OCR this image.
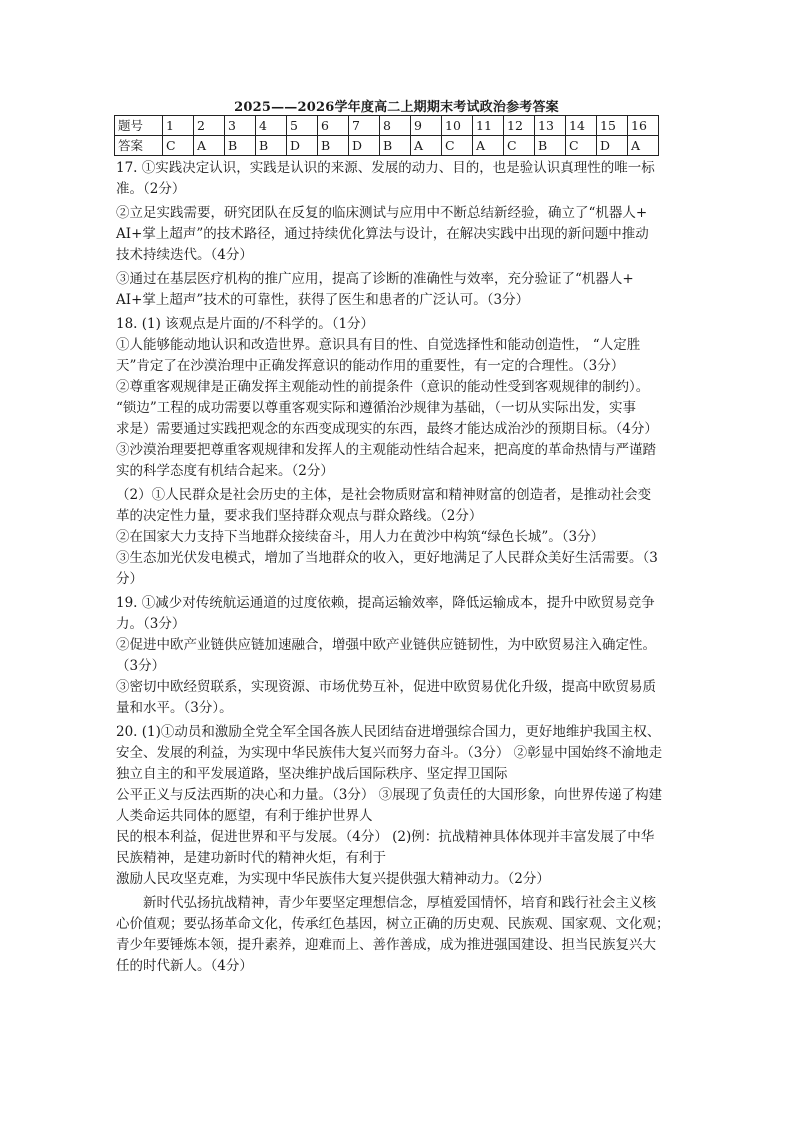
2025——2026学年度高二上期期末考试政治参考答案
题号	1	2	3	4	5	6	7	8	9	10	11	12	13	14	15	16
答案	C	A	B	B	D	B	D	B	A	C	A	C	B	C	D	A

17. ①实践决定认识，实践是认识的来源、发展的动力、目的，也是验认识真理性的唯一标

准。（2分）

②立足实践需要，研究团队在反复的临床测试与应用中不断总结新经验，确立了“机器人+

AI+掌上超声”的技术路径，通过持续优化算法与设计，在解决实践中出现的新问题中推动

技术持续迭代。（4分）

③通过在基层医疗机构的推广应用，提高了诊断的准确性与效率，充分验证了“机器人+

AI+掌上超声”技术的可靠性，获得了医生和患者的广泛认可。（3分）

18. (1) 该观点是片面的/不科学的。（1分）

①人能够能动地认识和改造世界。意识具有目的性、自觉选择性和能动创造性， “人定胜

天”肯定了在沙漠治理中正确发挥意识的能动作用的重要性，有一定的合理性。（3分）

②尊重客观规律是正确发挥主观能动性的前提条件（意识的能动性受到客观规律的制约）。

“锁边”工程的成功需要以尊重客观实际和遵循治沙规律为基础，（一切从实际出发，实事

求是）需要通过实践把观念的东西变成现实的东西，最终才能达成治沙的预期目标。（4分）

③沙漠治理要把尊重客观规律和发挥人的主观能动性结合起来，把高度的革命热情与严谨踏

实的科学态度有机结合起来。（2分）

（2）①人民群众是社会历史的主体，是社会物质财富和精神财富的创造者，是推动社会变

革的决定性力量，要求我们坚持群众观点与群众路线。（2分）

②在国家大力支持下当地群众接续奋斗，用人力在黄沙中构筑“绿色长城”。（3分）

③生态加光伏发电模式，增加了当地群众的收入，更好地满足了人民群众美好生活需要。（3

分）

19. ①减少对传统航运通道的过度依赖，提高运输效率，降低运输成本，提升中欧贸易竞争

力。（3分）

②促进中欧产业链供应链加速融合，增强中欧产业链供应链韧性，为中欧贸易注入确定性。

（3分）

③密切中欧经贸联系，实现资源、市场优势互补，促进中欧贸易优化升级，提高中欧贸易质

量和水平。（3分）。

20. (1)①动员和激励全党全军全国各族人民团结奋进增强综合国力，更好地维护我国主权、

安全、发展的利益，为实现中华民族伟大复兴而努力奋斗。（3分） ②彰显中国始终不渝地走

独立自主的和平发展道路，坚决维护战后国际秩序、坚定捍卫国际

公平正义与反法西斯的决心和力量。（3分） ③展现了负责任的大国形象，向世界传递了构建

人类命运共同体的愿望，有利于维护世界人

民的根本利益，促进世界和平与发展。（4分） (2)例：抗战精神具体体现并丰富发展了中华

民族精神，是建功新时代的精神火炬，有利于

激励人民攻坚克难，为实现中华民族伟大复兴提供强大精神动力。（2分）

新时代弘扬抗战精神，青少年要坚定理想信念，厚植爱国情怀，培育和践行社会主义核

心价值观；要弘扬革命文化，传承红色基因，树立正确的历史观、民族观、国家观、文化观；

青少年要锤炼本领，提升素养，迎难而上、善作善成，成为推进强国建设、担当民族复兴大

任的时代新人。（4分）
